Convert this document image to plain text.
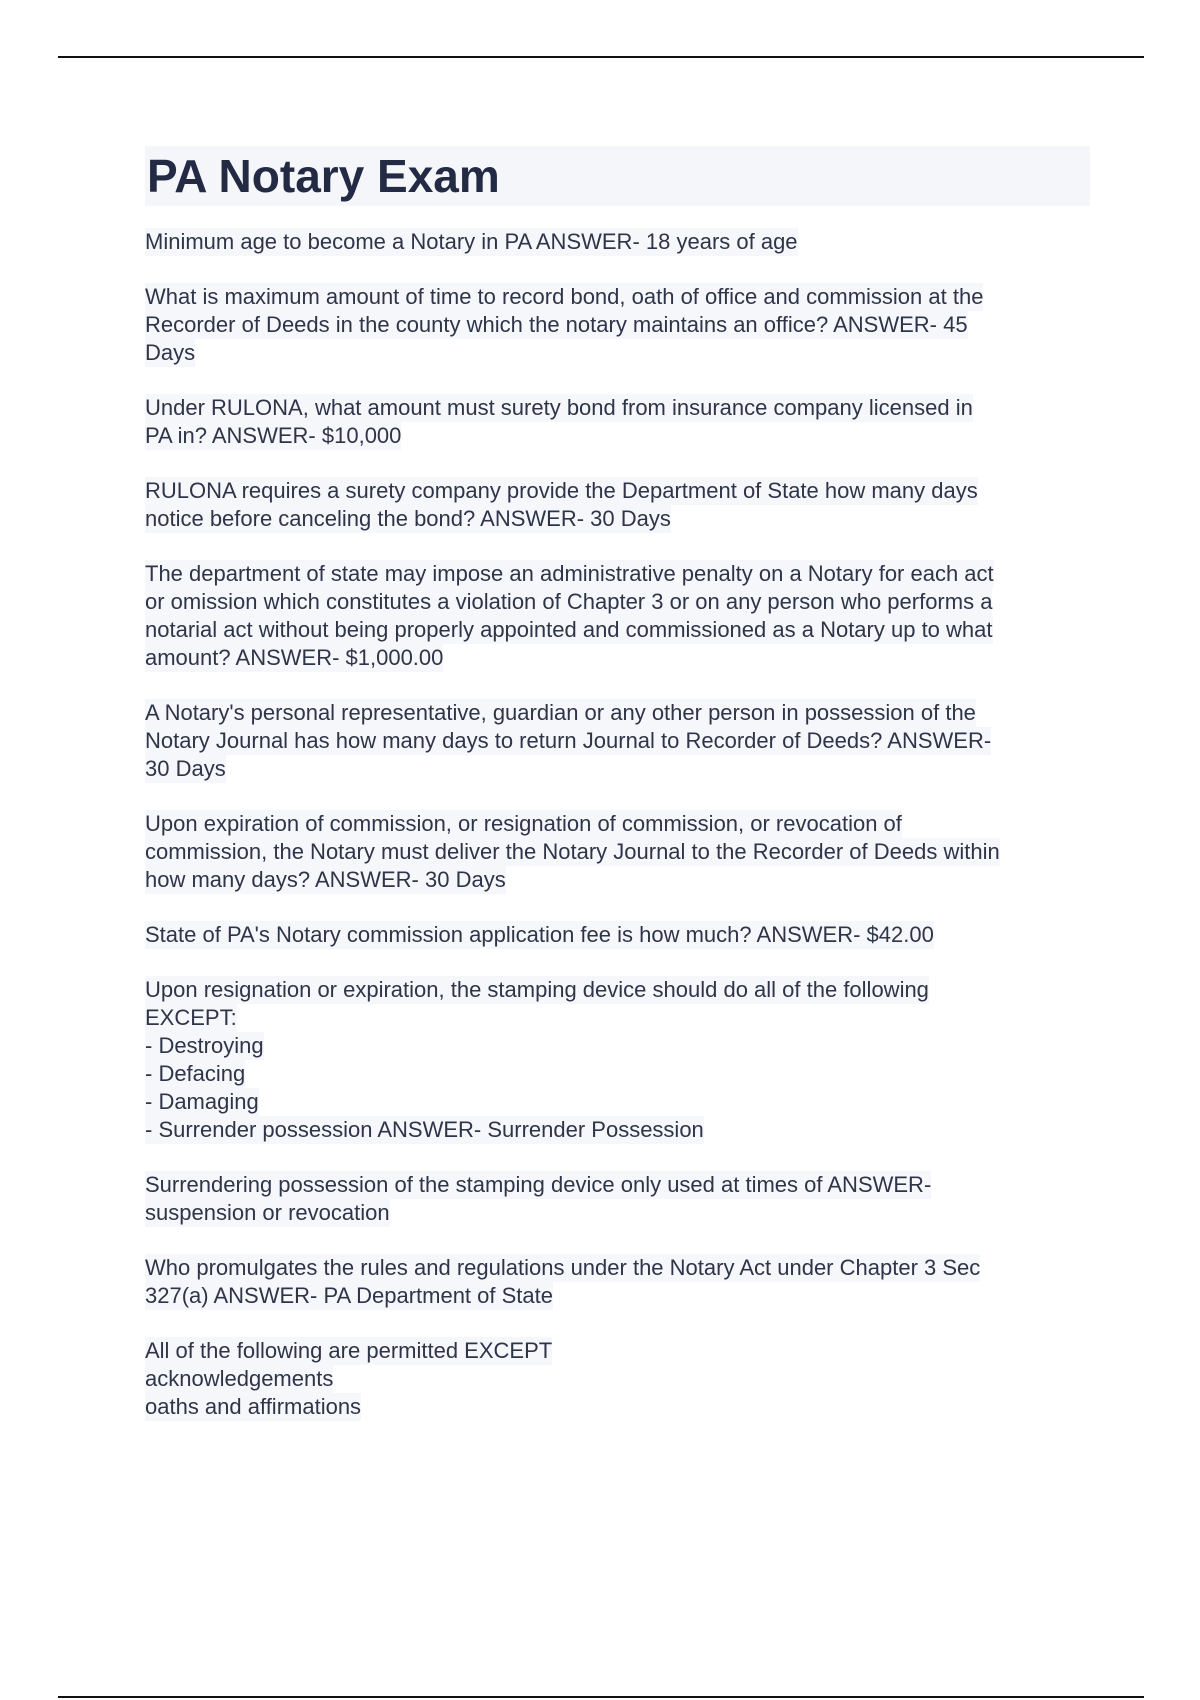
PA Notary Exam
Minimum age to become a Notary in PA ANSWER- 18 years of age
What is maximum amount of time to record bond, oath of office and commission at the
Recorder of Deeds in the county which the notary maintains an office? ANSWER- 45
Days
Under RULONA, what amount must surety bond from insurance company licensed in
PA in? ANSWER- $10,000
RULONA requires a surety company provide the Department of State how many days
notice before canceling the bond? ANSWER- 30 Days
The department of state may impose an administrative penalty on a Notary for each act
or omission which constitutes a violation of Chapter 3 or on any person who performs a
notarial act without being properly appointed and commissioned as a Notary up to what
amount? ANSWER- $1,000.00
A Notary's personal representative, guardian or any other person in possession of the
Notary Journal has how many days to return Journal to Recorder of Deeds? ANSWER-
30 Days
Upon expiration of commission, or resignation of commission, or revocation of
commission, the Notary must deliver the Notary Journal to the Recorder of Deeds within
how many days? ANSWER- 30 Days
State of PA's Notary commission application fee is how much? ANSWER- $42.00
Upon resignation or expiration, the stamping device should do all of the following
EXCEPT:
- Destroying
- Defacing
- Damaging
- Surrender possession ANSWER- Surrender Possession
Surrendering possession of the stamping device only used at times of ANSWER-
suspension or revocation
Who promulgates the rules and regulations under the Notary Act under Chapter 3 Sec
327(a) ANSWER- PA Department of State
All of the following are permitted EXCEPT
acknowledgements
oaths and affirmations
